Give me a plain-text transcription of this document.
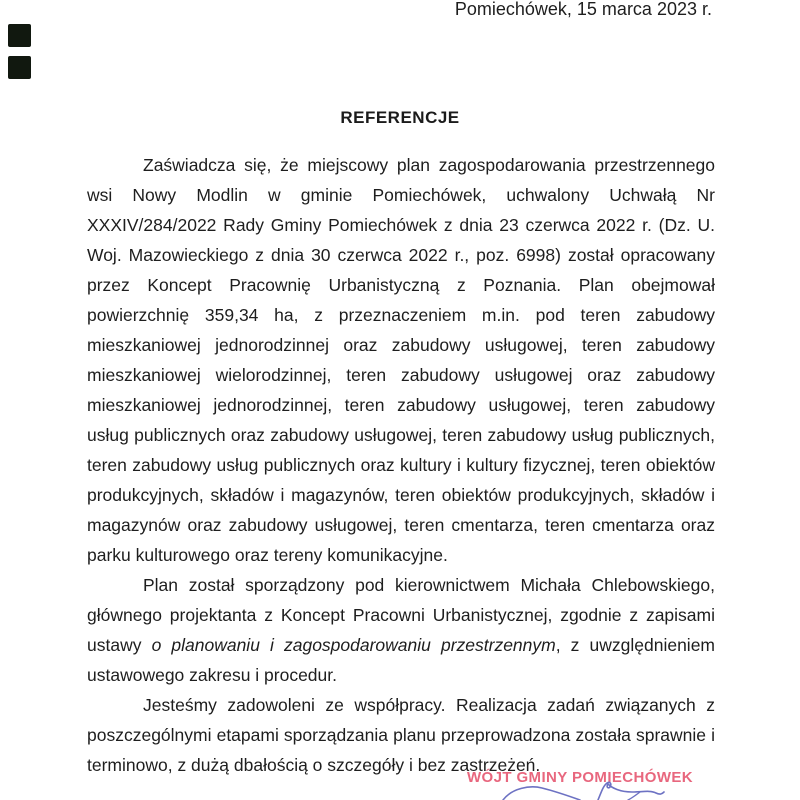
Pomiechówek, 15 marca 2023 r.
REFERENCJE

Zaświadcza się, że miejscowy plan zagospodarowania przestrzennego wsi Nowy Modlin w gminie Pomiechówek, uchwalony Uchwałą Nr XXXIV/284/2022 Rady Gminy Pomiechówek z dnia 23 czerwca 2022 r. (Dz. U. Woj. Mazowieckiego z dnia 30 czerwca 2022 r., poz. 6998) został opracowany przez Koncept Pracownię Urbanistyczną z Poznania. Plan obejmował powierzchnię 359,34 ha, z przeznaczeniem m.in. pod teren zabudowy mieszkaniowej jednorodzinnej oraz zabudowy usługowej, teren zabudowy mieszkaniowej wielorodzinnej, teren zabudowy usługowej oraz zabudowy mieszkaniowej jednorodzinnej, teren zabudowy usługowej, teren zabudowy usług publicznych oraz zabudowy usługowej, teren zabudowy usług publicznych, teren zabudowy usług publicznych oraz kultury i kultury fizycznej, teren obiektów produkcyjnych, składów i magazynów, teren obiektów produkcyjnych, składów i magazynów oraz zabudowy usługowej, teren cmentarza, teren cmentarza oraz parku kulturowego oraz tereny komunikacyjne.

Plan został sporządzony pod kierownictwem Michała Chlebowskiego, głównego projektanta z Koncept Pracowni Urbanistycznej, zgodnie z zapisami ustawy o planowaniu i zagospodarowaniu przestrzennym, z uwzględnieniem ustawowego zakresu i procedur.

Jesteśmy zadowoleni ze współpracy. Realizacja zadań związanych z poszczególnymi etapami sporządzania planu przeprowadzona została sprawnie i terminowo, z dużą dbałością o szczegóły i bez zastrzeżeń.

WÓJT GMINY POMIECHÓWEK
